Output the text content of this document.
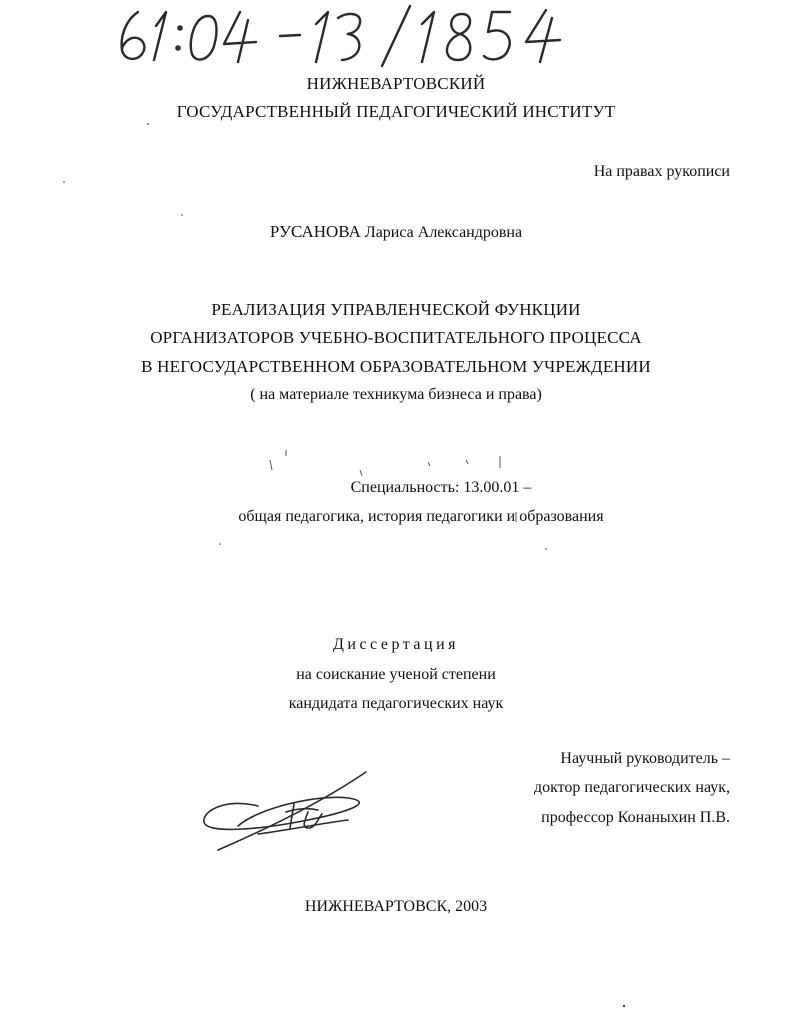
НИЖНЕВАРТОВСКИЙ
ГОСУДАРСТВЕННЫЙ ПЕДАГОГИЧЕСКИЙ ИНСТИТУТ
На правах рукописи
РУСАНОВА Лариса Александровна
РЕАЛИЗАЦИЯ УПРАВЛЕНЧЕСКОЙ ФУНКЦИИ
ОРГАНИЗАТОРОВ УЧЕБНО-ВОСПИТАТЕЛЬНОГО ПРОЦЕССА
В НЕГОСУДАРСТВЕННОМ ОБРАЗОВАТЕЛЬНОМ УЧРЕЖДЕНИИ
( на материале техникума бизнеса и права)
Специальность: 13.00.01 –
общая педагогика, история педагогики и образования
Диссертация
на соискание ученой степени
кандидата педагогических наук
Научный руководитель –
доктор педагогических наук,
профессор Конаныхин П.В.
НИЖНЕВАРТОВСК, 2003
